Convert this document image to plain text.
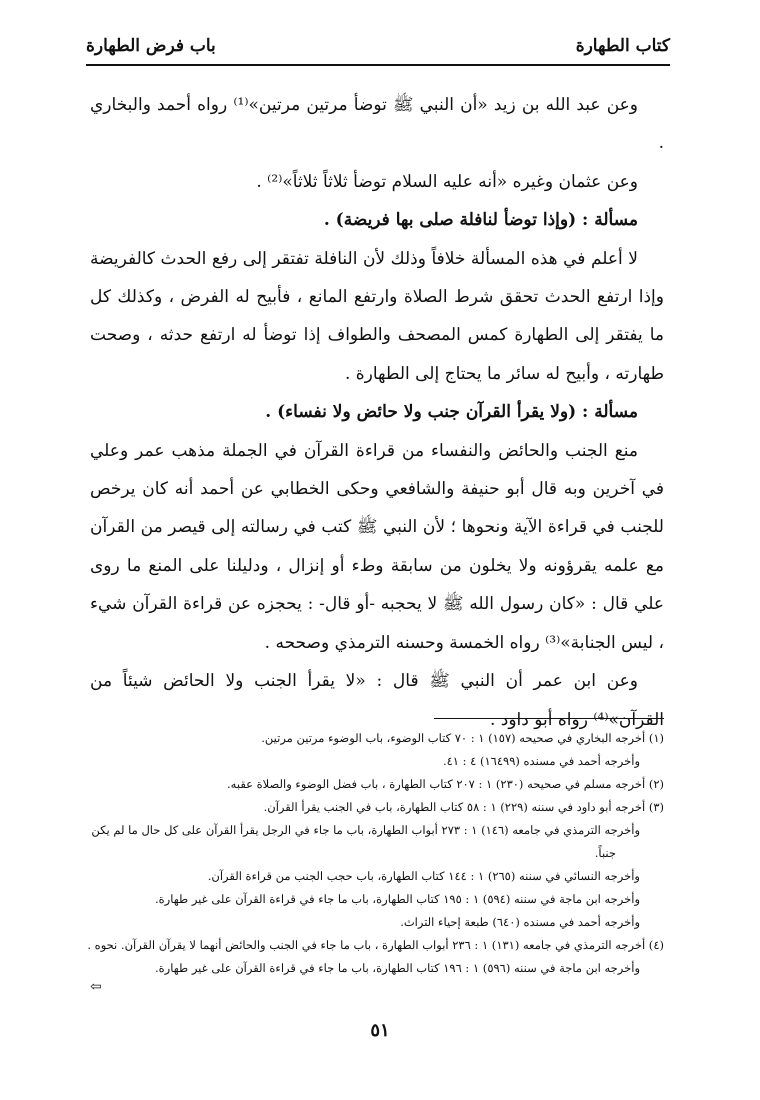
كتاب الطهارة
باب فرض الطهارة

وعن عبد الله بن زيد «أن النبي ﷺ توضأ مرتين مرتين»⁽¹⁾ رواه أحمد والبخاري .

وعن عثمان وغيره «أنه عليه السلام توضأ ثلاثاً ثلاثاً»⁽²⁾ .

مسألة : (وإذا توضأ لنافلة صلى بها فريضة) .

لا أعلم في هذه المسألة خلافاً وذلك لأن النافلة تفتقر إلى رفع الحدث كالفريضة وإذا ارتفع الحدث تحقق شرط الصلاة وارتفع المانع ، فأبيح له الفرض ، وكذلك كل ما يفتقر إلى الطهارة كمس المصحف والطواف إذا توضأ له ارتفع حدثه ، وصحت طهارته ، وأبيح له سائر ما يحتاج إلى الطهارة .

مسألة : (ولا يقرأ القرآن جنب ولا حائض ولا نفساء) .

منع الجنب والحائض والنفساء من قراءة القرآن في الجملة مذهب عمر وعلي في آخرين وبه قال أبو حنيفة والشافعي وحكى الخطابي عن أحمد أنه كان يرخص للجنب في قراءة الآية ونحوها ؛ لأن النبي ﷺ كتب في رسالته إلى قيصر من القرآن مع علمه يقرؤونه ولا يخلون من سابقة وطء أو إنزال ، ودليلنا على المنع ما روى علي قال : «كان رسول الله ﷺ لا يحجبه -أو قال- : يحجزه عن قراءة القرآن شيء ، ليس الجنابة»⁽³⁾ رواه الخمسة وحسنه الترمذي وصححه .

وعن ابن عمر أن النبي ﷺ قال : «لا يقرأ الجنب ولا الحائض شيئاً من القرآن»⁽⁴⁾ رواه أبو داود .

(١) أخرجه البخاري في صحيحه (١٥٧) ١ : ٧٠ كتاب الوضوء، باب الوضوء مرتين مرتين.

وأخرجه أحمد في مسنده (١٦٤٩٩) ٤ : ٤١.

(٢) أخرجه مسلم في صحيحه (٢٣٠) ١ : ٢٠٧ كتاب الطهارة ، باب فضل الوضوء والصلاة عقبه.

(٣) أخرجه أبو داود في سننه (٢٢٩) ١ : ٥٨ كتاب الطهارة، باب في الجنب يقرأ القرآن.

وأخرجه الترمذي في جامعه (١٤٦) ١ : ٢٧٣ أبواب الطهارة، باب ما جاء في الرجل يقرأ القرآن على كل حال ما لم يكن جنباً.

وأخرجه النسائي في سننه (٢٦٥) ١ : ١٤٤ كتاب الطهارة، باب حجب الجنب من قراءة القرآن.

وأخرجه ابن ماجة في سننه (٥٩٤) ١ : ١٩٥ كتاب الطهارة، باب ما جاء في قراءة القرآن على غير طهارة.

وأخرجه أحمد في مسنده (٦٤٠) طبعة إحياء التراث.

(٤) أخرجه الترمذي في جامعه (١٣١) ١ : ٢٣٦ أبواب الطهارة ، باب ما جاء في الجنب والحائض أنهما لا يقرآن القرآن. نحوه .

وأخرجه ابن ماجة في سننه (٥٩٦) ١ : ١٩٦ كتاب الطهارة، باب ما جاء في قراءة القرآن على غير طهارة.

⇦
٥١
